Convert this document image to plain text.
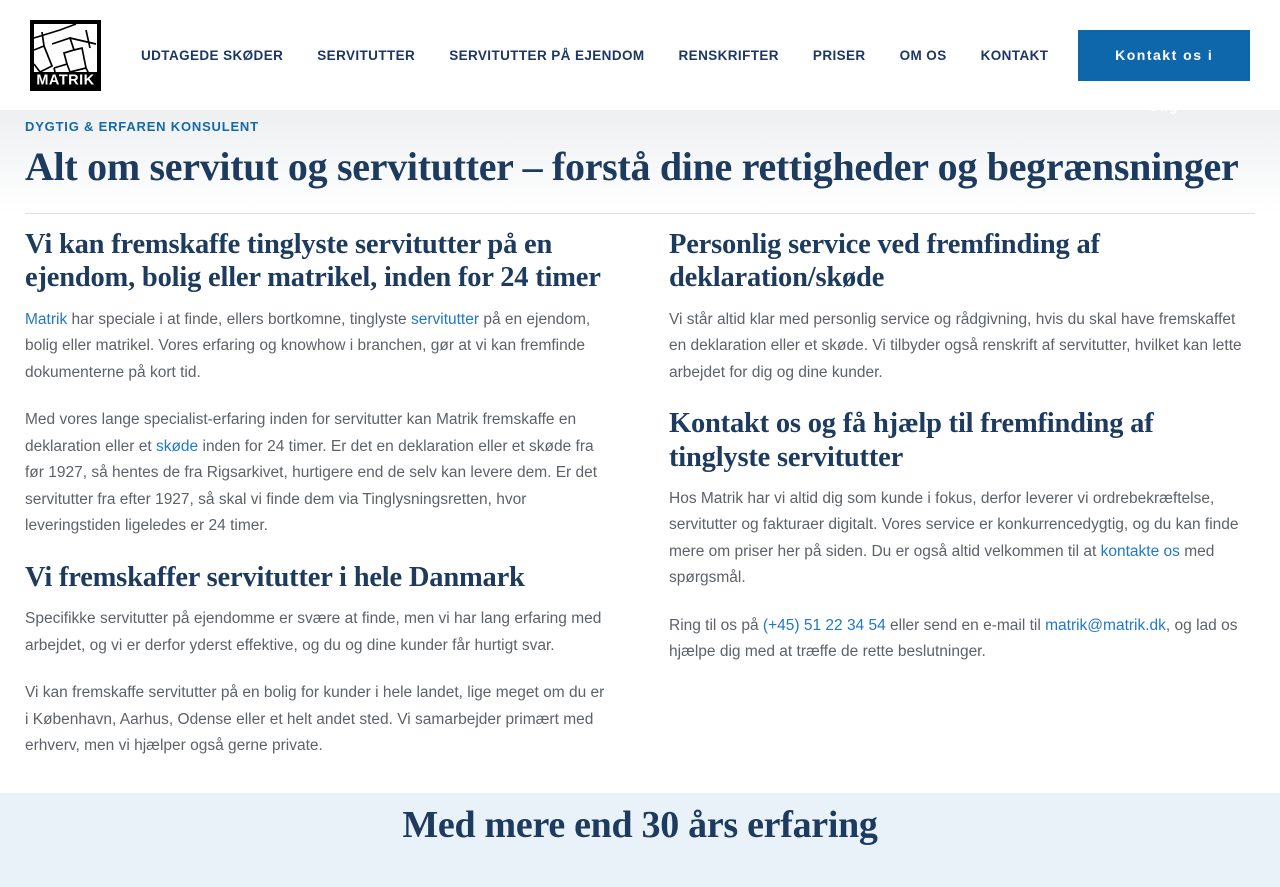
MATRIK
UDTAGEDE SKØDER	SERVITUTTER	SERVITUTTER PÅ EJENDOM	RENSKRIFTER	PRISER	OM OS	KONTAKT	Kontakt os i dag
DYGTIG & ERFAREN KONSULENT
Alt om servitut og servitutter – forstå dine rettigheder og begrænsninger
Vi kan fremskaffe tinglyste servitutter på en ejendom, bolig eller matrikel, inden for 24 timer

Matrik har speciale i at finde, ellers bortkomne, tinglyste servitutter på en ejendom, bolig eller matrikel. Vores erfaring og knowhow i branchen, gør at vi kan fremfinde dokumenterne på kort tid.

Med vores lange specialist-erfaring inden for servitutter kan Matrik fremskaffe en deklaration eller et skøde inden for 24 timer. Er det en deklaration eller et skøde fra før 1927, så hentes de fra Rigsarkivet, hurtigere end de selv kan levere dem. Er det servitutter fra efter 1927, så skal vi finde dem via Tinglysningsretten, hvor leveringstiden ligeledes er 24 timer.

Vi fremskaffer servitutter i hele Danmark

Specifikke servitutter på ejendomme er svære at finde, men vi har lang erfaring med arbejdet, og vi er derfor yderst effektive, og du og dine kunder får hurtigt svar.

Vi kan fremskaffe servitutter på en bolig for kunder i hele landet, lige meget om du er i København, Aarhus, Odense eller et helt andet sted. Vi samarbejder primært med erhverv, men vi hjælper også gerne private.

Personlig service ved fremfinding af deklaration/skøde

Vi står altid klar med personlig service og rådgivning, hvis du skal have fremskaffet en deklaration eller et skøde. Vi tilbyder også renskrift af servitutter, hvilket kan lette arbejdet for dig og dine kunder.

Kontakt os og få hjælp til fremfinding af tinglyste servitutter

Hos Matrik har vi altid dig som kunde i fokus, derfor leverer vi ordrebekræftelse, servitutter og fakturaer digitalt. Vores service er konkurrencedygtig, og du kan finde mere om priser her på siden. Du er også altid velkommen til at kontakte os med spørgsmål.

Ring til os på (+45) 51 22 34 54 eller send en e-mail til matrik@matrik.dk, og lad os hjælpe dig med at træffe de rette beslutninger.

Med mere end 30 års erfaring
